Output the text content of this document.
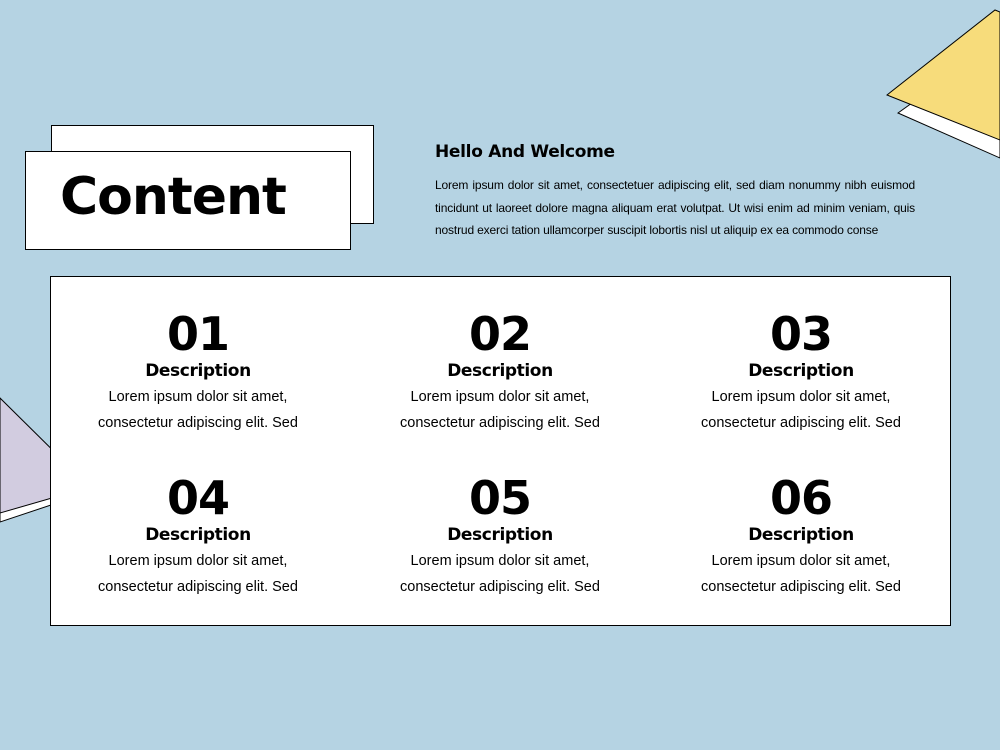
Content
Hello And Welcome
Lorem ipsum dolor sit amet, consectetuer adipiscing elit, sed diam nonummy nibh euismod tincidunt ut laoreet dolore magna aliquam erat volutpat. Ut wisi enim ad minim veniam, quis nostrud exerci tation ullamcorper suscipit lobortis nisl ut aliquip ex ea commodo conse
01
Description
Lorem ipsum dolor sit amet,
consectetur adipiscing elit. Sed
02
Description
Lorem ipsum dolor sit amet,
consectetur adipiscing elit. Sed
03
Description
Lorem ipsum dolor sit amet,
consectetur adipiscing elit. Sed
04
Description
Lorem ipsum dolor sit amet,
consectetur adipiscing elit. Sed
05
Description
Lorem ipsum dolor sit amet,
consectetur adipiscing elit. Sed
06
Description
Lorem ipsum dolor sit amet,
consectetur adipiscing elit. Sed
